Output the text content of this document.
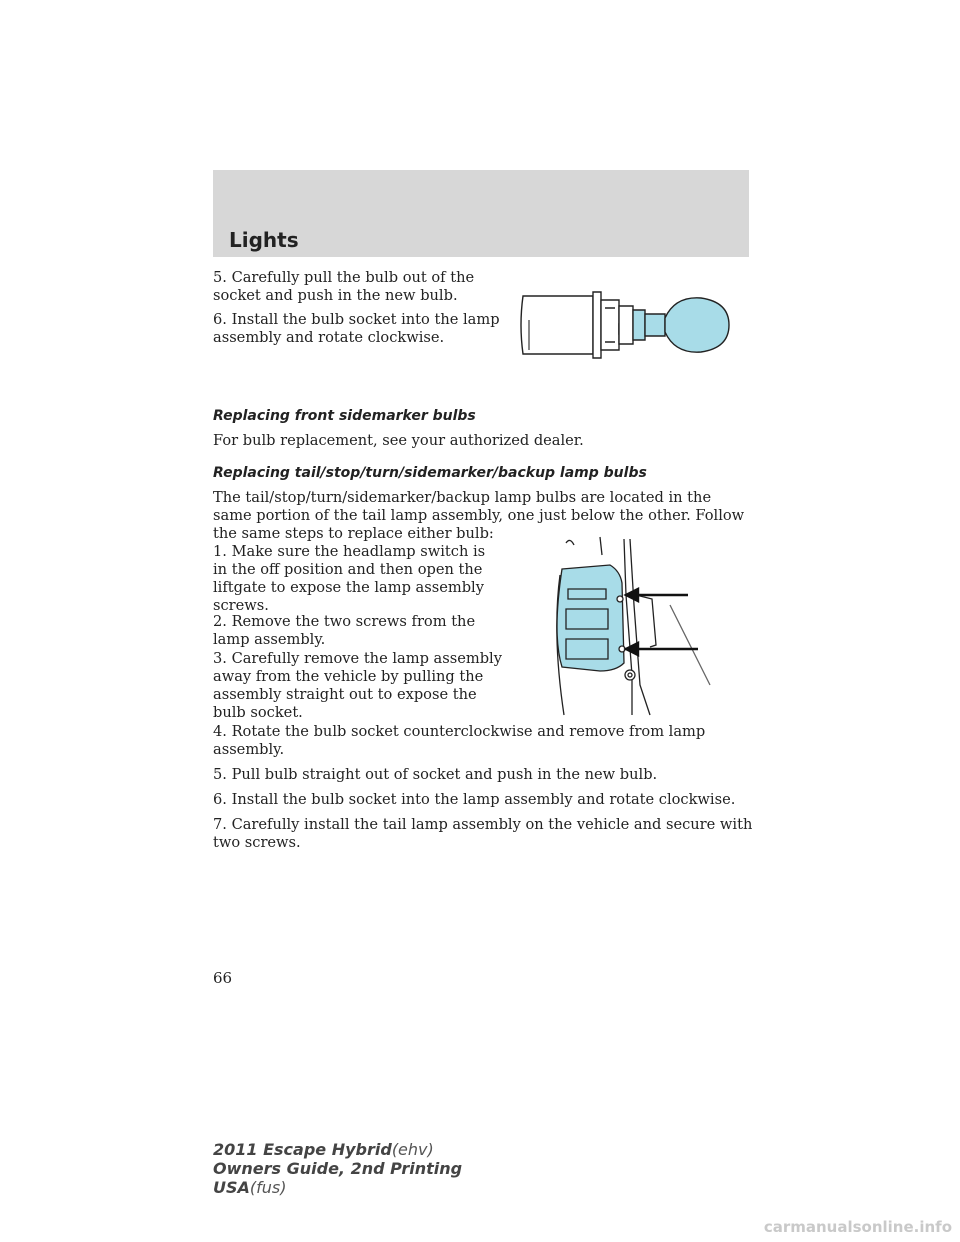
Lights

5. Carefully pull the bulb out of the socket and push in the new bulb.

6. Install the bulb socket into the lamp assembly and rotate clockwise.

Replacing front sidemarker bulbs

For bulb replacement, see your authorized dealer.

Replacing tail/stop/turn/sidemarker/backup lamp bulbs

The tail/stop/turn/sidemarker/backup lamp bulbs are located in the same portion of the tail lamp assembly, one just below the other. Follow the same steps to replace either bulb:

1. Make sure the headlamp switch is in the off position and then open the liftgate to expose the lamp assembly screws.

2. Remove the two screws from the lamp assembly.

3. Carefully remove the lamp assembly away from the vehicle by pulling the assembly straight out to expose the bulb socket.

4. Rotate the bulb socket counterclockwise and remove from lamp assembly.

5. Pull bulb straight out of socket and push in the new bulb.

6. Install the bulb socket into the lamp assembly and rotate clockwise.

7. Carefully install the tail lamp assembly on the vehicle and secure with two screws.

66
2011 Escape Hybrid(ehv)
Owners Guide, 2nd Printing
USA(fus)
carmanualsonline.info
